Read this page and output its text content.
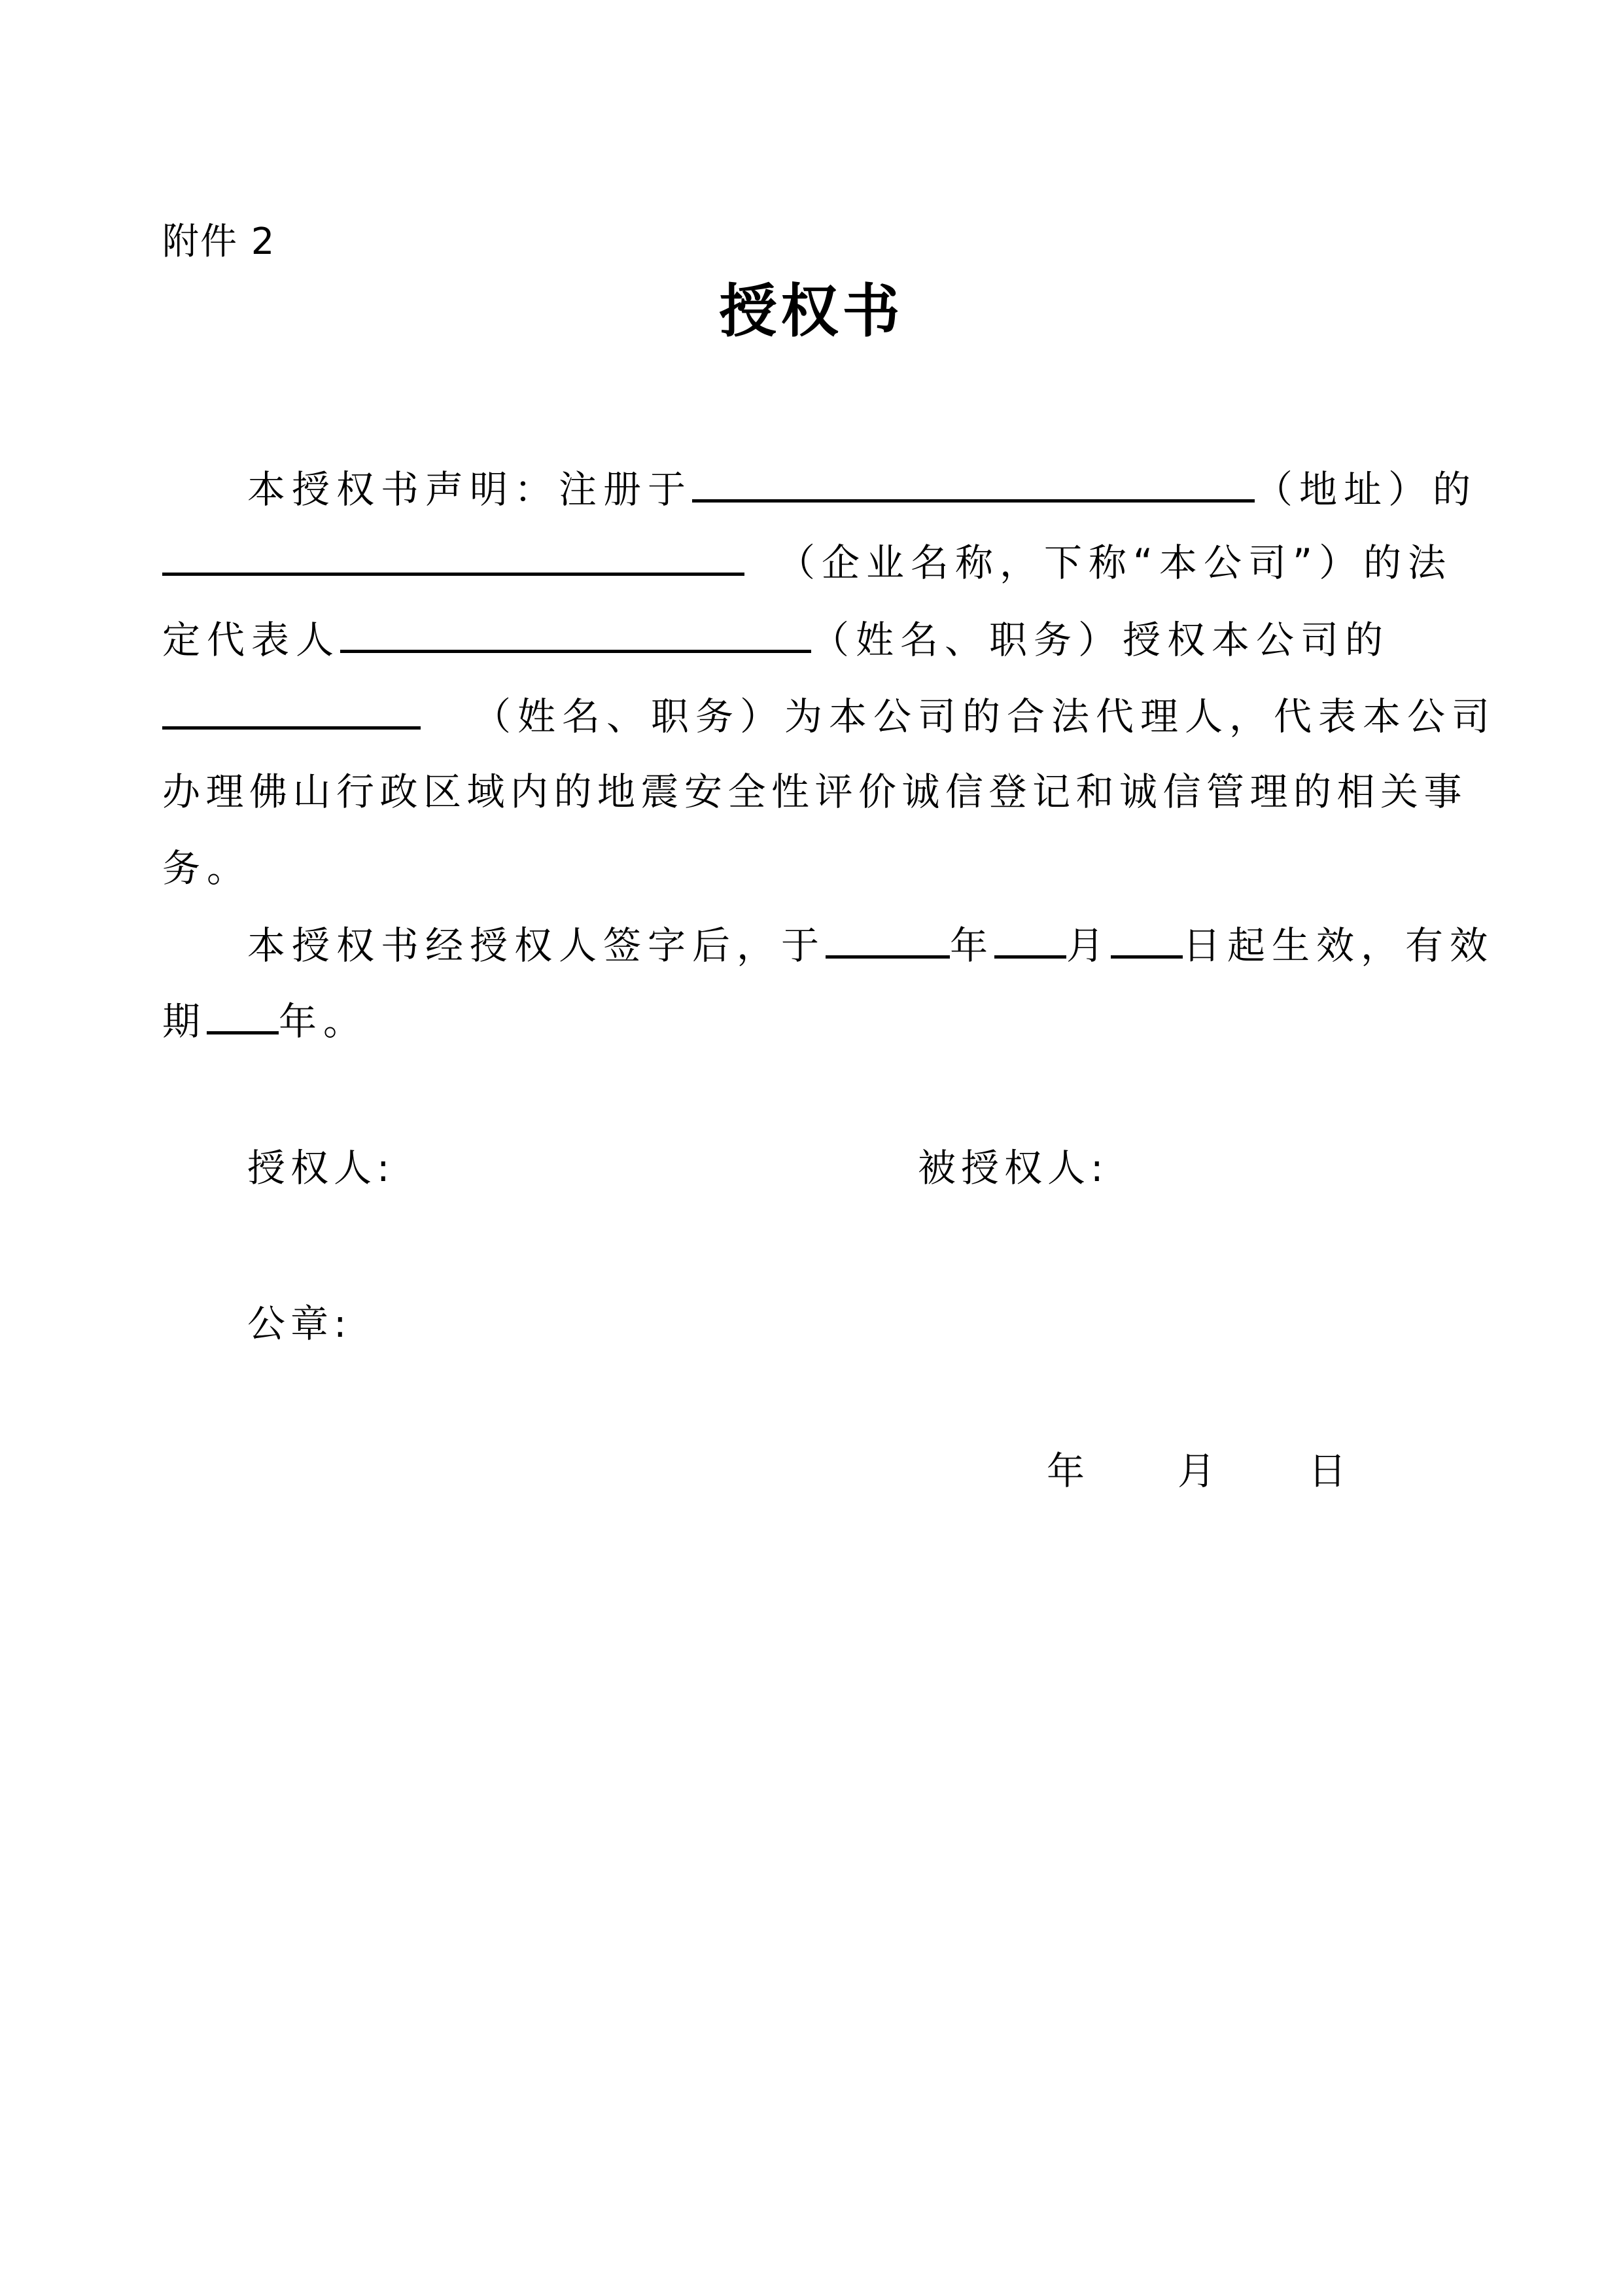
附件 2
授权书
本授权书声明：注册于	（地址）的
（企业名称，下称“本公司”）的法
定代表人	（姓名、职务）授权本公司的
（姓名、职务）为本公司的合法代理人，代表本公司
办理佛山行政区域内的地震安全性评价诚信登记和诚信管理的相关事
务。
本授权书经授权人签字后，于	年 月 日起生效，有效
期 年。
授权人:	被授权人:
公章:
年 月 日
